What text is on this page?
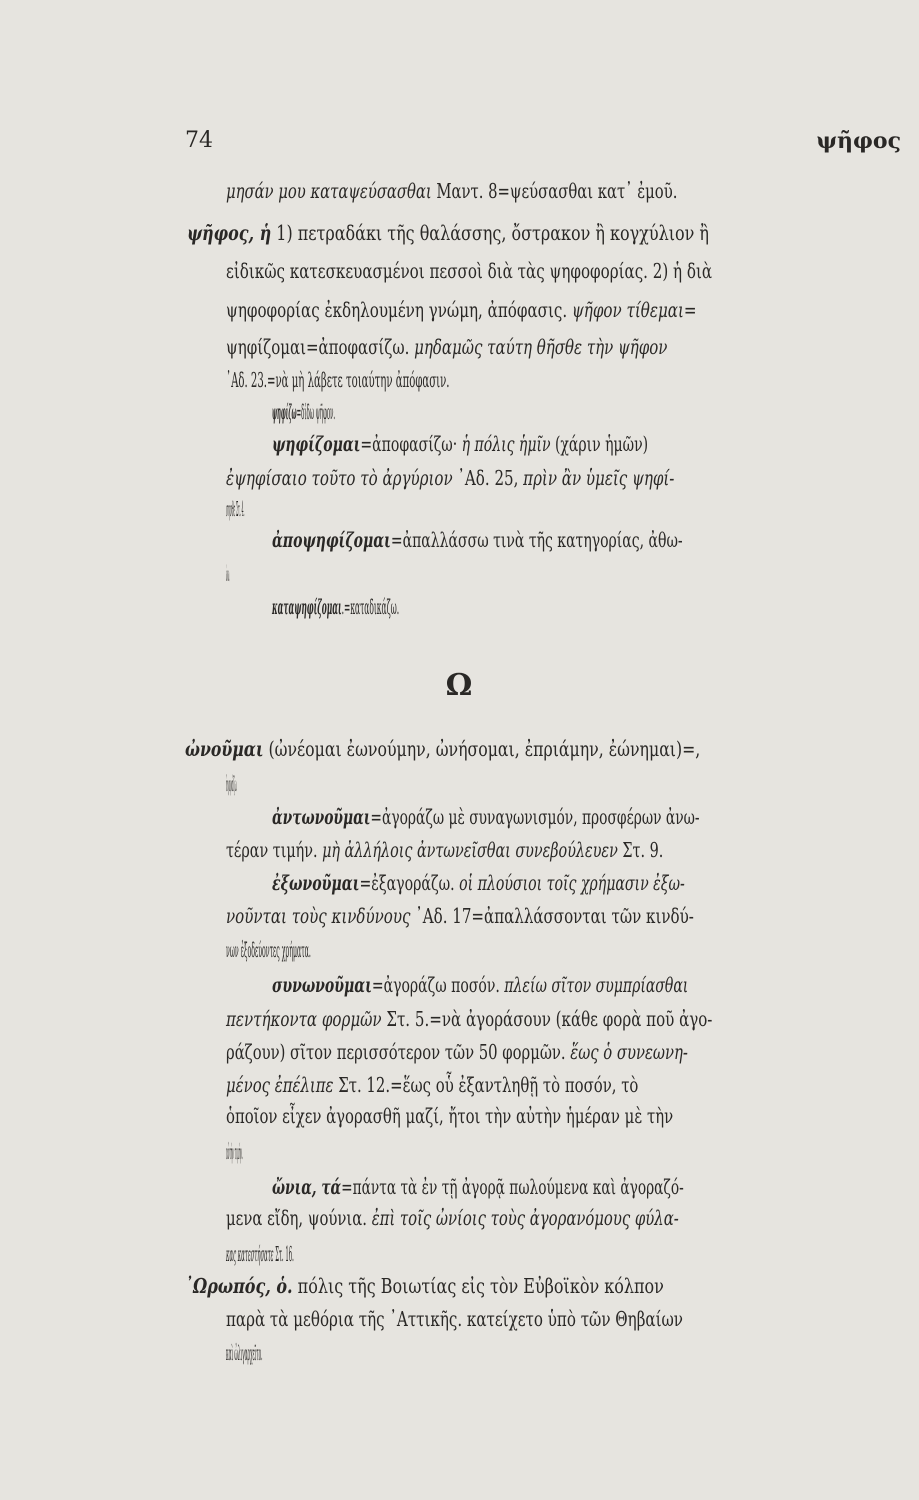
74	ψῆφος
Ω
μησάν μου καταψεύσασθαι Μαντ. 8=ψεύσασθαι κατ᾽ ἐμοῦ.
ψῆφος, ἡ 1) πετραδάκι τῆς θαλάσσης, ὄστρακον ἢ κογχύλιον ἢ
εἰδικῶς κατεσκευασμένοι πεσσοὶ διὰ τὰς ψηφοφορίας. 2) ἡ διὰ
ψηφοφορίας ἐκδηλουμένη γνώμη, ἀπόφασις. ψῆφον τίθεμαι=
ψηφίζομαι=ἀποφασίζω. μηδαμῶς ταύτη θῆσθε τὴν ψῆφον
᾽Αδ. 23.=νὰ μὴ λάβετε τοιαύτην ἀπόφασιν.
ψηφίζω=δίδω ψῆφον.
ψηφίζομαι=ἀποφασίζω· ἡ πόλις ἡμῖν (χάριν ἡμῶν)
ἐψηφίσαιο τοῦτο τὸ ἀργύριον ᾽Αδ. 25, πρὶν ἂν ὑμεῖς ψηφί-
σησθε Στ. 4.
ἀποψηφίζομαι=ἀπαλλάσσω τινὰ τῆς κατηγορίας, ἀθω-
ώνω.
καταψηφίζομαι.=καταδικάζω.
ὠνοῦμαι (ὠνέομαι ἐωνούμην, ὠνήσομαι, ἐπριάμην, ἐώνημαι)=,
ἀγοράζω.
ἀντωνοῦμαι=ἀγοράζω μὲ συναγωνισμόν, προσφέρων ἀνω-
τέραν τιμήν. μὴ ἀλλήλοις ἀντωνεῖσθαι συνεβούλευεν Στ. 9.
ἐξωνοῦμαι=ἐξαγοράζω. οἱ πλούσιοι τοῖς χρήμασιν ἐξω-
νοῦνται τοὺς κινδύνους ᾽Αδ. 17=ἀπαλλάσσονται τῶν κινδύ-
νων ἐξοδεύοντες χρήματα.
συνωνοῦμαι=ἀγοράζω ποσόν. πλείω σῖτον συμπρίασθαι
πεντήκοντα φορμῶν Στ. 5.=νὰ ἀγοράσουν (κάθε φορὰ ποῦ ἀγο-
ράζουν) σῖτον περισσότερον τῶν 50 φορμῶν. ἕως ὁ συνεωνη-
μένος ἐπέλιπε Στ. 12.=ἕως οὗ ἐξαντληθῇ τὸ ποσόν, τὸ
ὁποῖον εἶχεν ἀγορασθῆ μαζί, ἤτοι τὴν αὐτὴν ἡμέραν μὲ τὴν
αὐτὴν τιμήν.
ὤνια, τά=πάντα τὰ ἐν τῇ ἀγορᾷ πωλούμενα καὶ ἀγοραζό-
μενα εἴδη, ψούνια. ἐπὶ τοῖς ὠνίοις τοὺς ἀγορανόμους φύλα-
κας κατεστήσατε Στ. 16.
᾽Ωρωπός, ὁ. πόλις τῆς Βοιωτίας εἰς τὸν Εὐβοϊκὸν κόλπον
παρὰ τὰ μεθόρια τῆς ᾽Αττικῆς. κατείχετο ὑπὸ τῶν Θηβαίων
καὶ ὠλιγαρχεῖτο.
